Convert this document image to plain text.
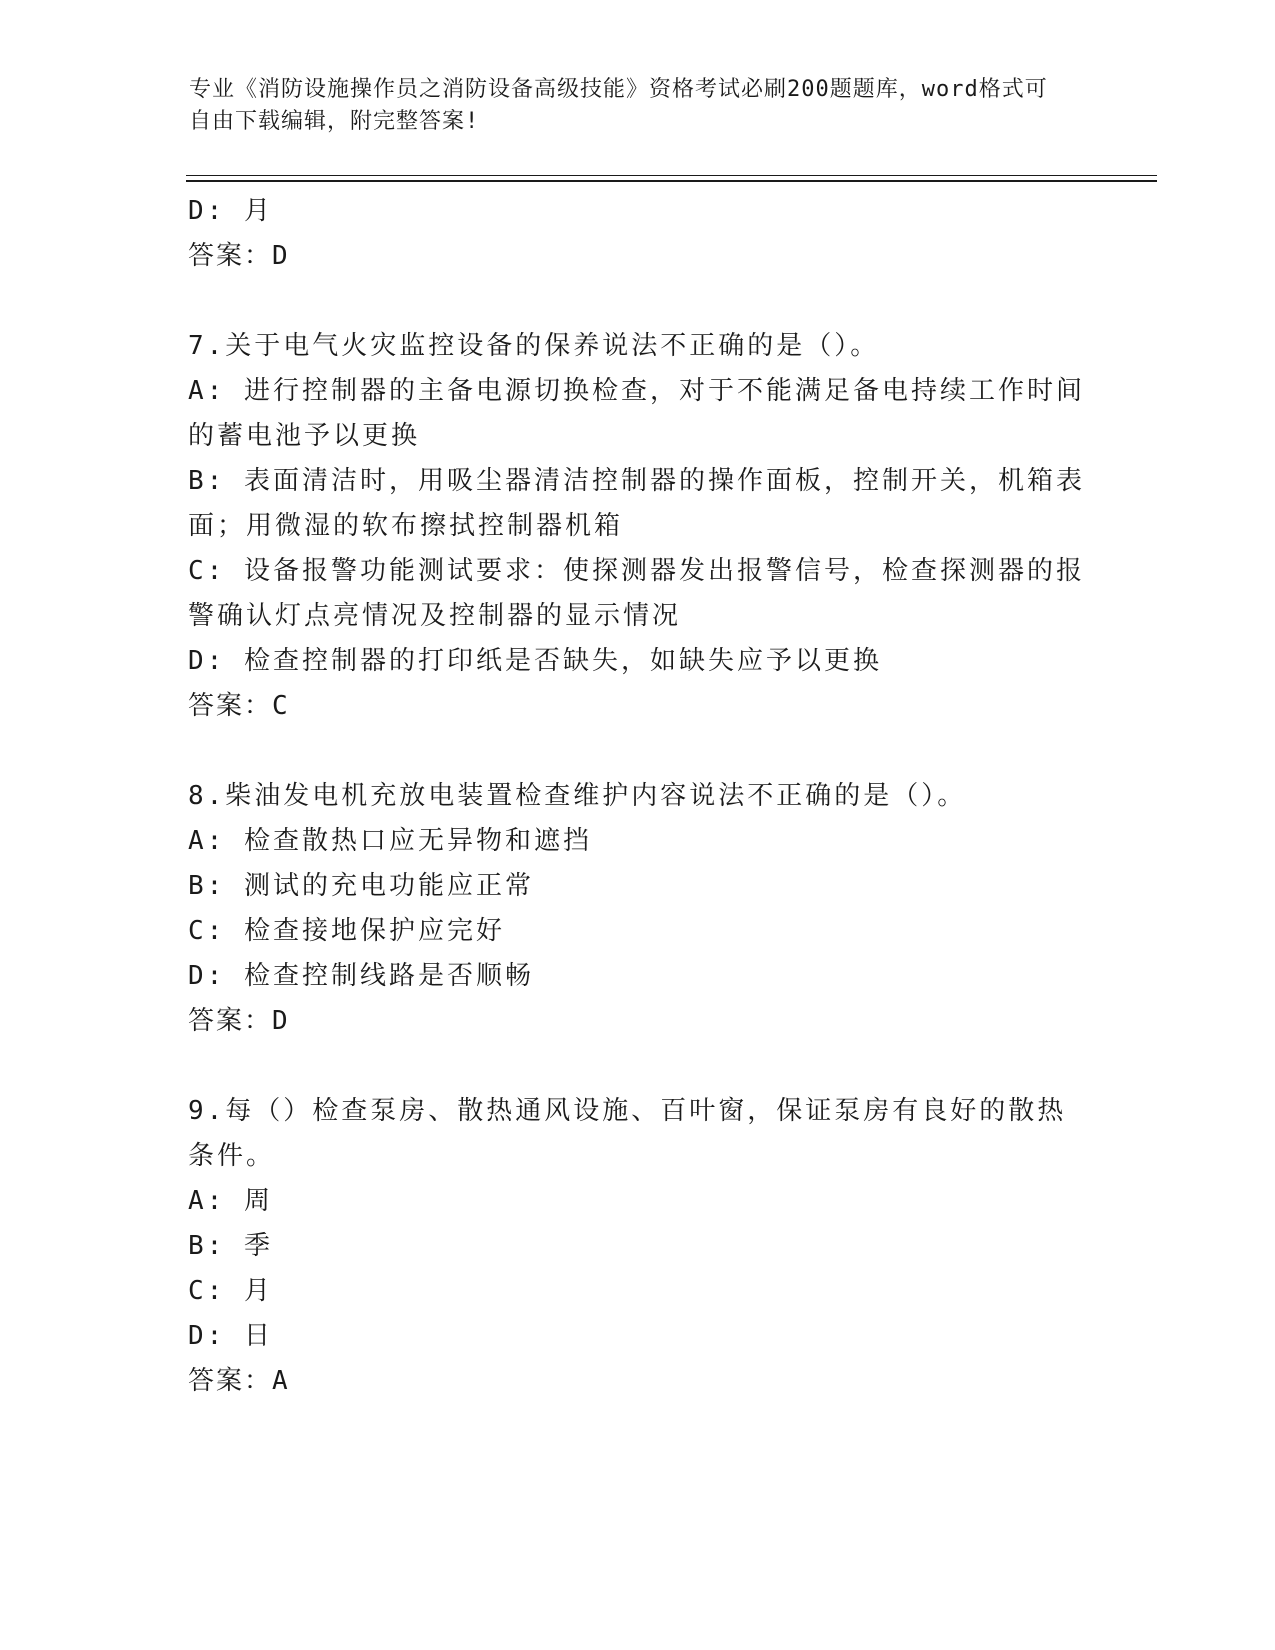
专业《消防设施操作员之消防设备高级技能》资格考试必刷200题题库，word格式可自由下载编辑，附完整答案!
D: 月
答案：D
7.关于电气火灾监控设备的保养说法不正确的是（）。
A: 进行控制器的主备电源切换检查，对于不能满足备电持续工作时间的蓄电池予以更换
B: 表面清洁时，用吸尘器清洁控制器的操作面板，控制开关，机箱表面；用微湿的软布擦拭控制器机箱
C: 设备报警功能测试要求：使探测器发出报警信号，检查探测器的报警确认灯点亮情况及控制器的显示情况
D: 检查控制器的打印纸是否缺失，如缺失应予以更换
答案：C
8.柴油发电机充放电装置检查维护内容说法不正确的是（）。
A: 检查散热口应无异物和遮挡
B: 测试的充电功能应正常
C: 检查接地保护应完好
D: 检查控制线路是否顺畅
答案：D
9.每（）检查泵房、散热通风设施、百叶窗，保证泵房有良好的散热条件。
A: 周
B: 季
C: 月
D: 日
答案：A
